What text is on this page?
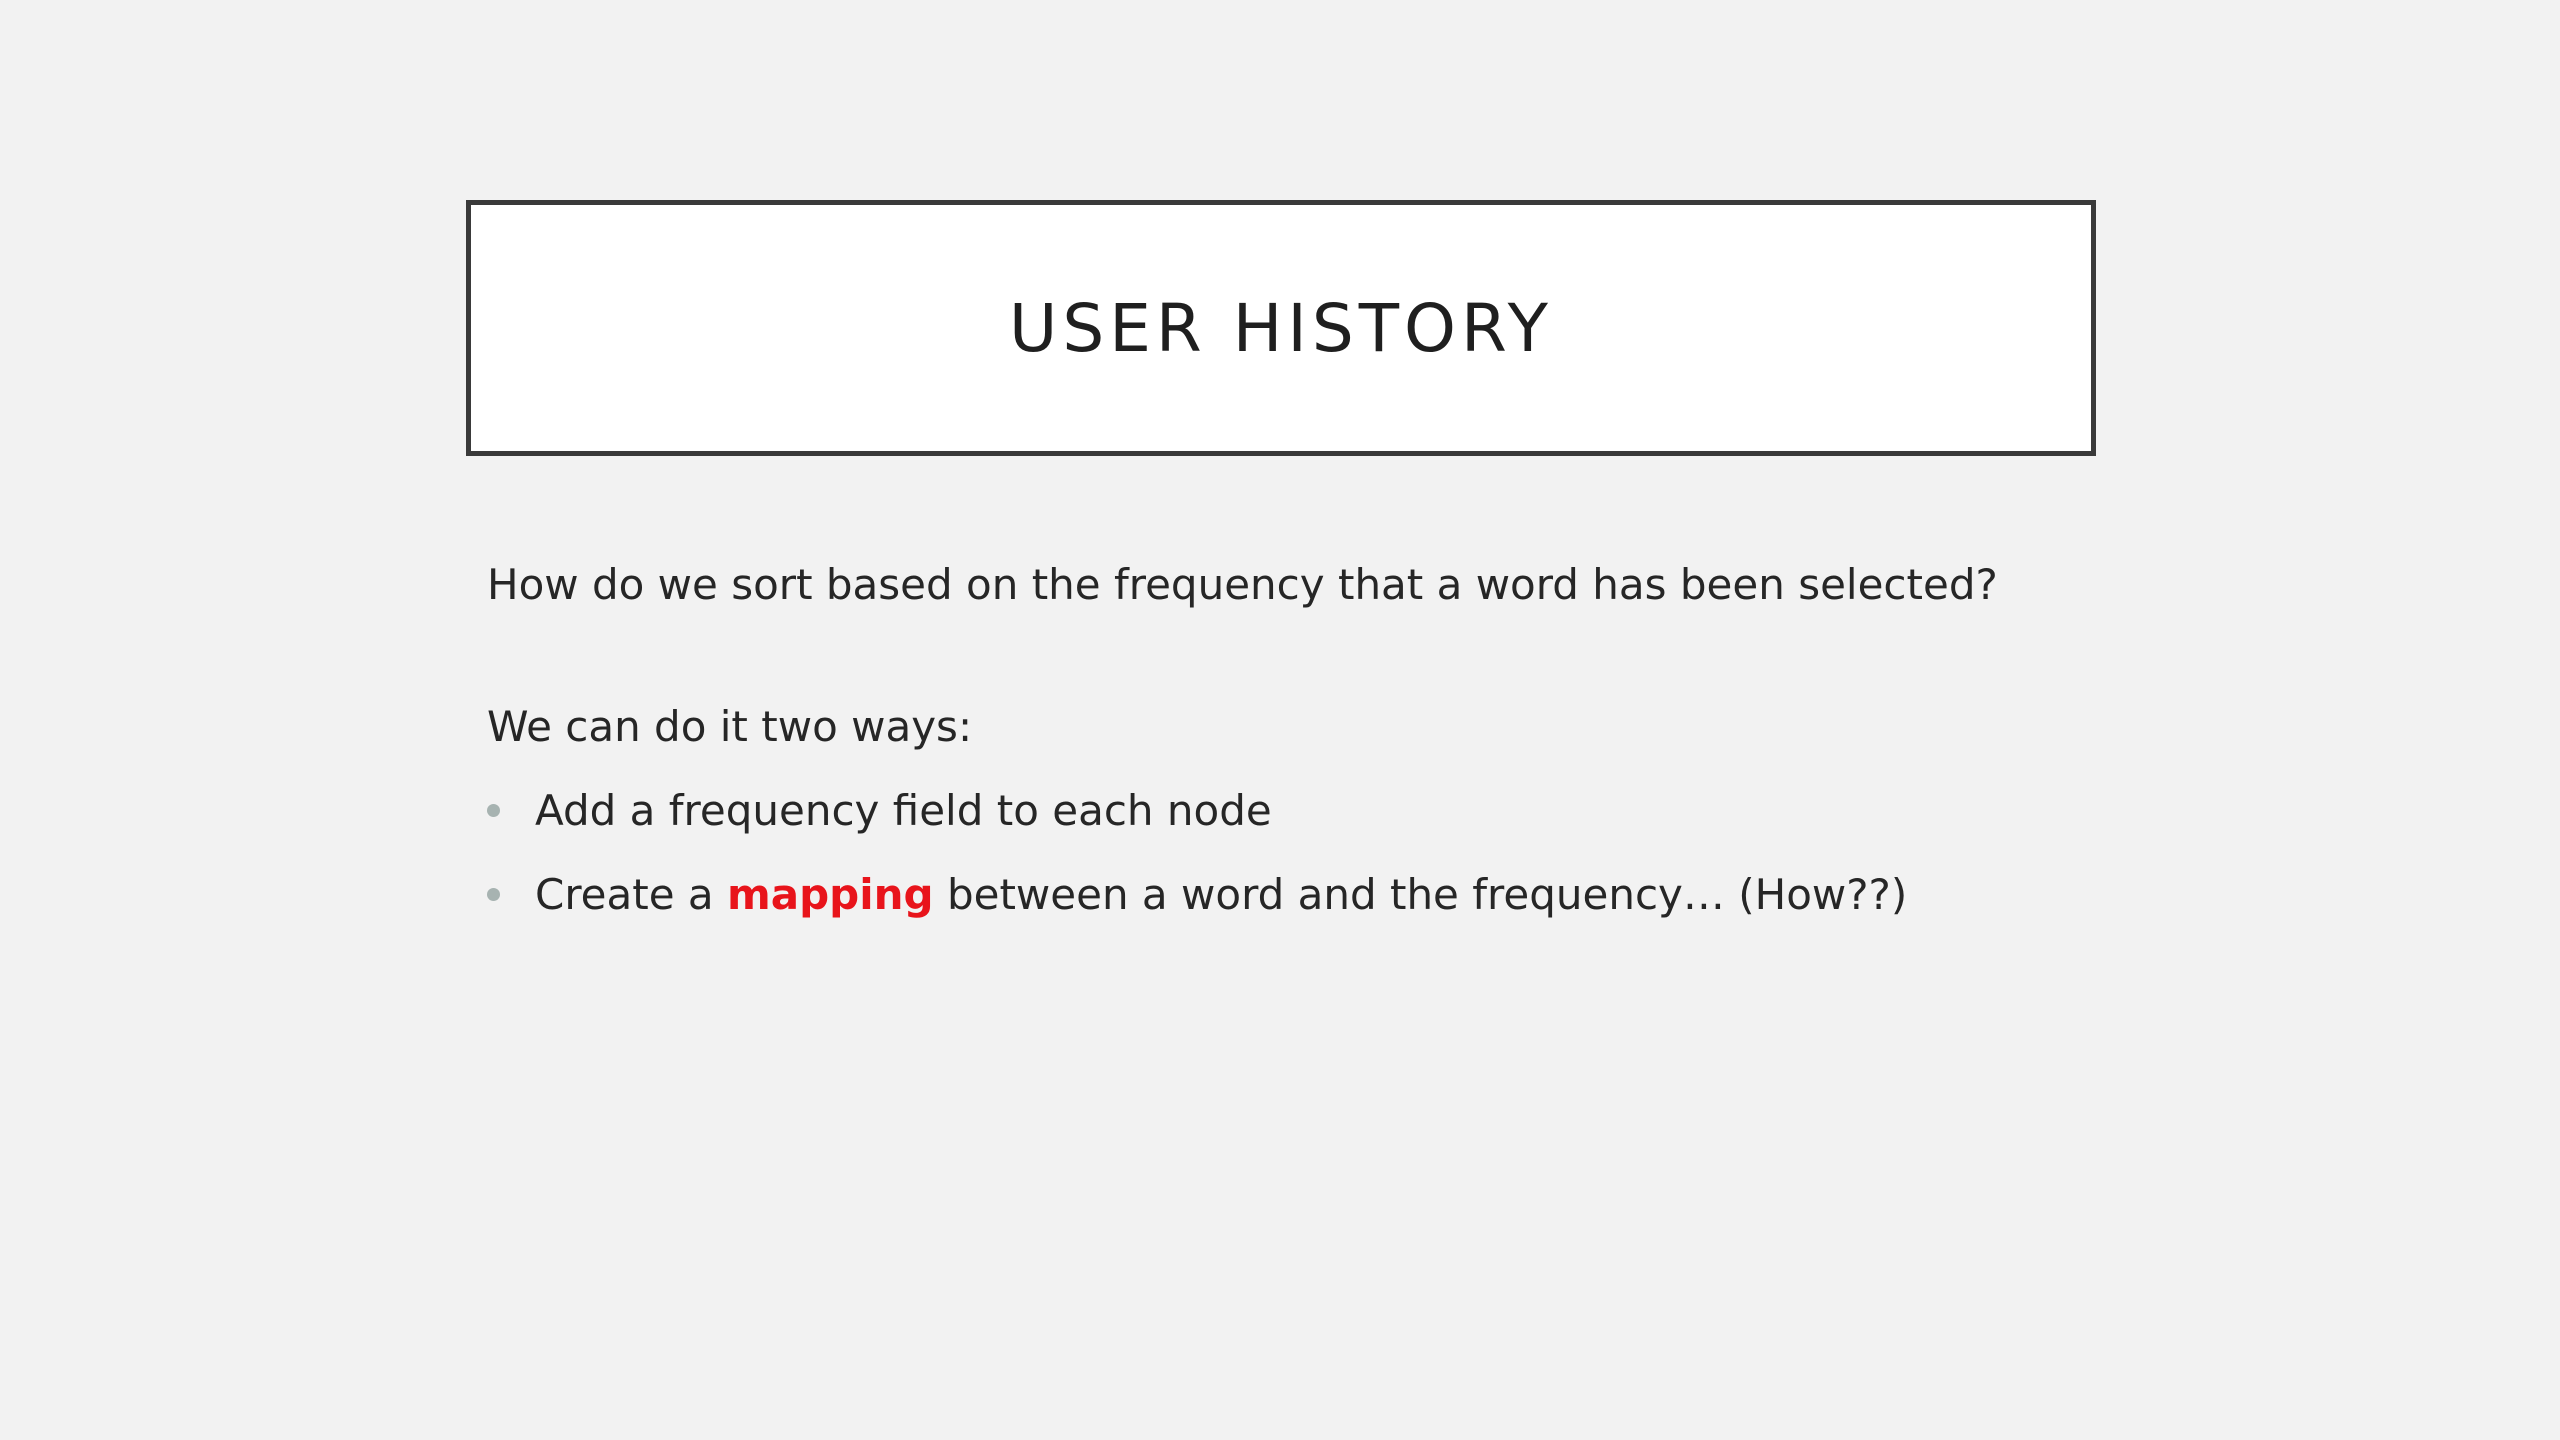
USER HISTORY

How do we sort based on the frequency that a word has been selected?

We can do it two ways:

Add a frequency field to each node
Create a mapping between a word and the frequency… (How??)
